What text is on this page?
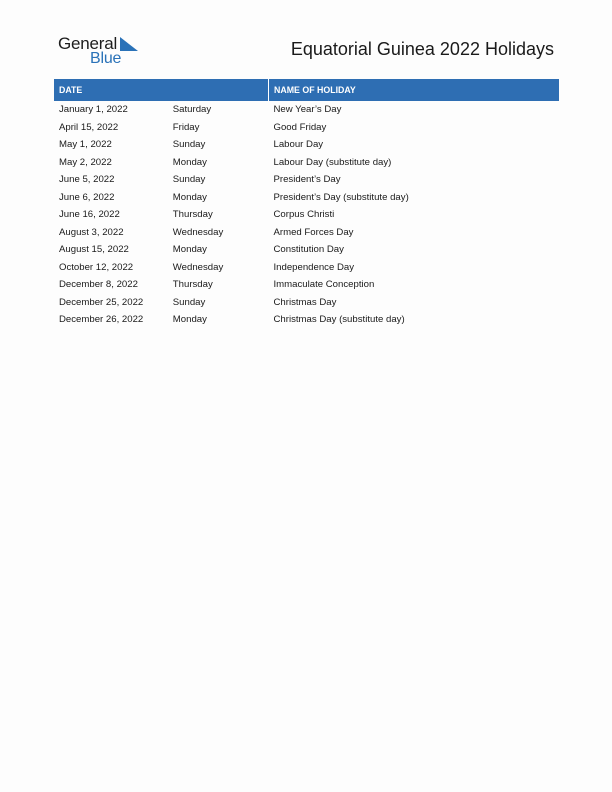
General
Blue	Equatorial Guinea 2022 Holidays
DATE		NAME OF HOLIDAY
January 1, 2022	Saturday	New Year’s Day
April 15, 2022	Friday	Good Friday
May 1, 2022	Sunday	Labour Day
May 2, 2022	Monday	Labour Day (substitute day)
June 5, 2022	Sunday	President’s Day
June 6, 2022	Monday	President’s Day (substitute day)
June 16, 2022	Thursday	Corpus Christi
August 3, 2022	Wednesday	Armed Forces Day
August 15, 2022	Monday	Constitution Day
October 12, 2022	Wednesday	Independence Day
December 8, 2022	Thursday	Immaculate Conception
December 25, 2022	Sunday	Christmas Day
December 26, 2022	Monday	Christmas Day (substitute day)
